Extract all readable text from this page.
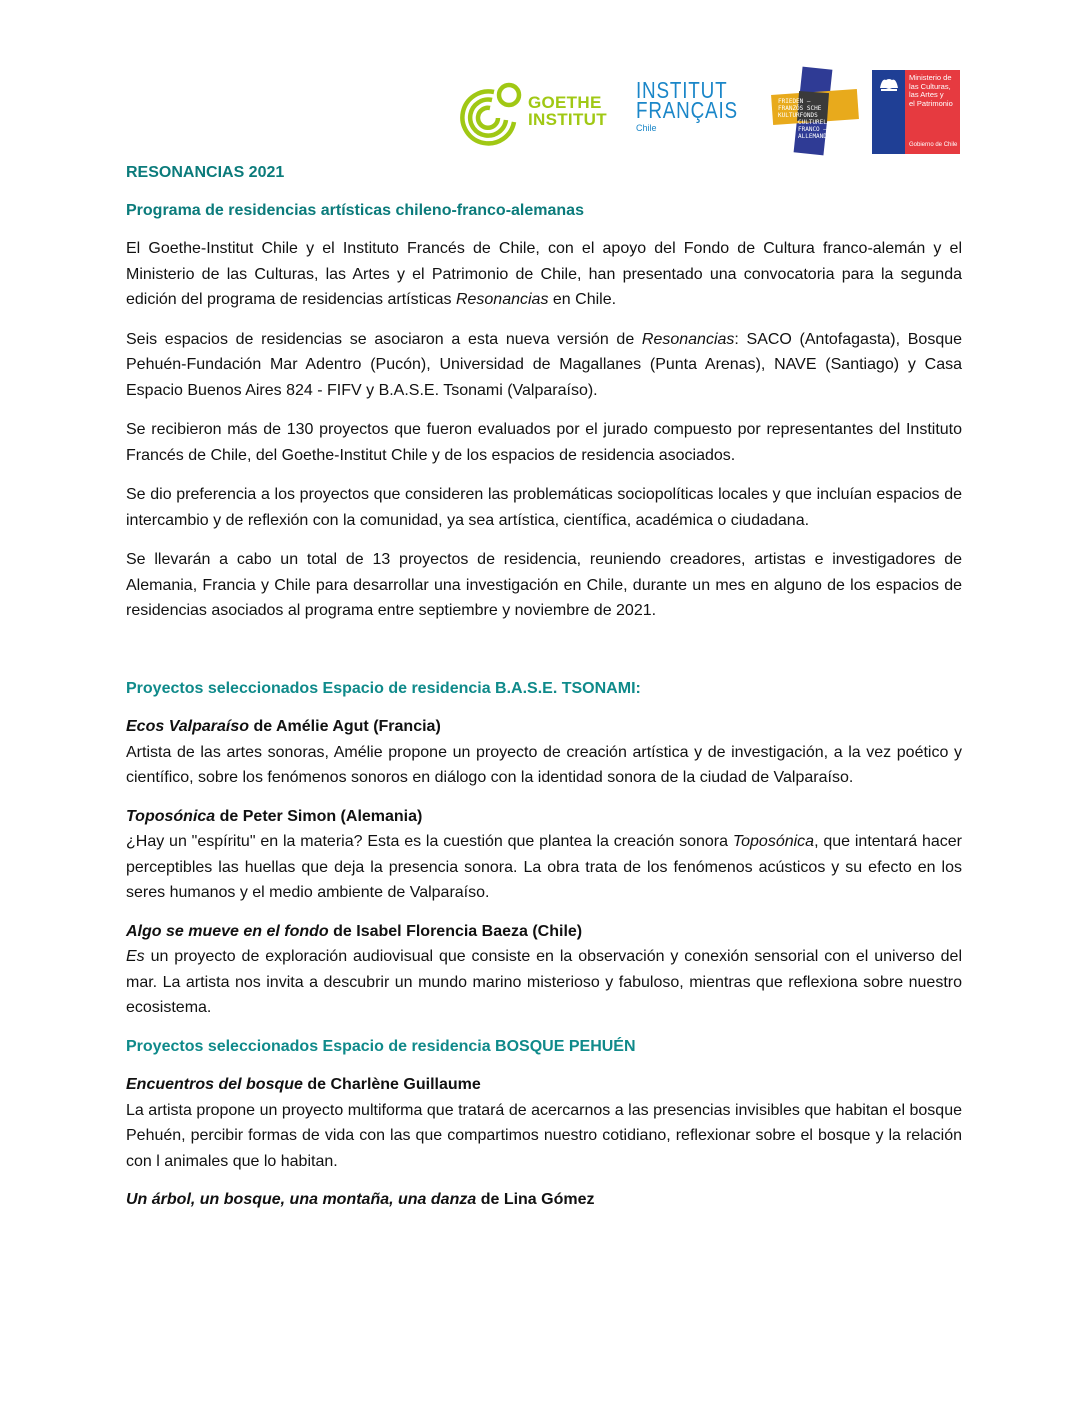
GOETHE
INSTITUT
INSTITUT
FRANÇAIS
Chile
FRIEDEN –
FRANZÖS SCHE
KULTURFONDS
CULTUREL
FRANCO –
ALLEMAND
Ministerio de
las Culturas,
las Artes y
el Patrimonio
Gobierno de Chile
RESONANCIAS 2021
Programa de residencias artísticas chileno-franco-alemanas

El Goethe-Institut Chile y el Instituto Francés de Chile, con el apoyo del Fondo de Cultura franco-alemán y el Ministerio de las Culturas, las Artes y el Patrimonio de Chile, han presentado una convocatoria para la segunda edición del programa de residencias artísticas Resonancias en Chile.

Seis espacios de residencias se asociaron a esta nueva versión de Resonancias: SACO (Antofagasta), Bosque Pehuén-Fundación Mar Adentro (Pucón), Universidad de Magallanes (Punta Arenas), NAVE (Santiago) y Casa Espacio Buenos Aires 824 - FIFV y B.A.S.E. Tsonami (Valparaíso).

Se recibieron más de 130 proyectos que fueron evaluados por el jurado compuesto por representantes del Instituto Francés de Chile, del Goethe-Institut Chile y de los espacios de residencia asociados.

Se dio preferencia a los proyectos que consideren las problemáticas sociopolíticas locales y que incluían espacios de intercambio y de reflexión con la comunidad, ya sea artística, científica, académica o ciudadana.

Se llevarán a cabo un total de 13 proyectos de residencia, reuniendo creadores, artistas e investigadores de Alemania, Francia y Chile para desarrollar una investigación en Chile, durante un mes en alguno de los espacios de residencias asociados al programa entre septiembre y noviembre de 2021.

Proyectos seleccionados Espacio de residencia B.A.S.E. TSONAMI:
Ecos Valparaíso de Amélie Agut (Francia)

Artista de las artes sonoras, Amélie propone un proyecto de creación artística y de investigación, a la vez poético y científico, sobre los fenómenos sonoros en diálogo con la identidad sonora de la ciudad de Valparaíso.

Toposónica de Peter Simon (Alemania)

¿Hay un "espíritu" en la materia? Esta es la cuestión que plantea la creación sonora Toposónica, que intentará hacer perceptibles las huellas que deja la presencia sonora. La obra trata de los fenómenos acústicos y su efecto en los seres humanos y el medio ambiente de Valparaíso.

Algo se mueve en el fondo de Isabel Florencia Baeza (Chile)

Es un proyecto de exploración audiovisual que consiste en la observación y conexión sensorial con el universo del mar. La artista nos invita a descubrir un mundo marino misterioso y fabuloso, mientras que reflexiona sobre nuestro ecosistema.

Proyectos seleccionados Espacio de residencia BOSQUE PEHUÉN
Encuentros del bosque de Charlène Guillaume

La artista propone un proyecto multiforma que tratará de acercarnos a las presencias invisibles que habitan el bosque Pehuén, percibir formas de vida con las que compartimos nuestro cotidiano, reflexionar sobre el bosque y la relación con l animales que lo habitan.

Un árbol, un bosque, una montaña, una danza de Lina Gómez
